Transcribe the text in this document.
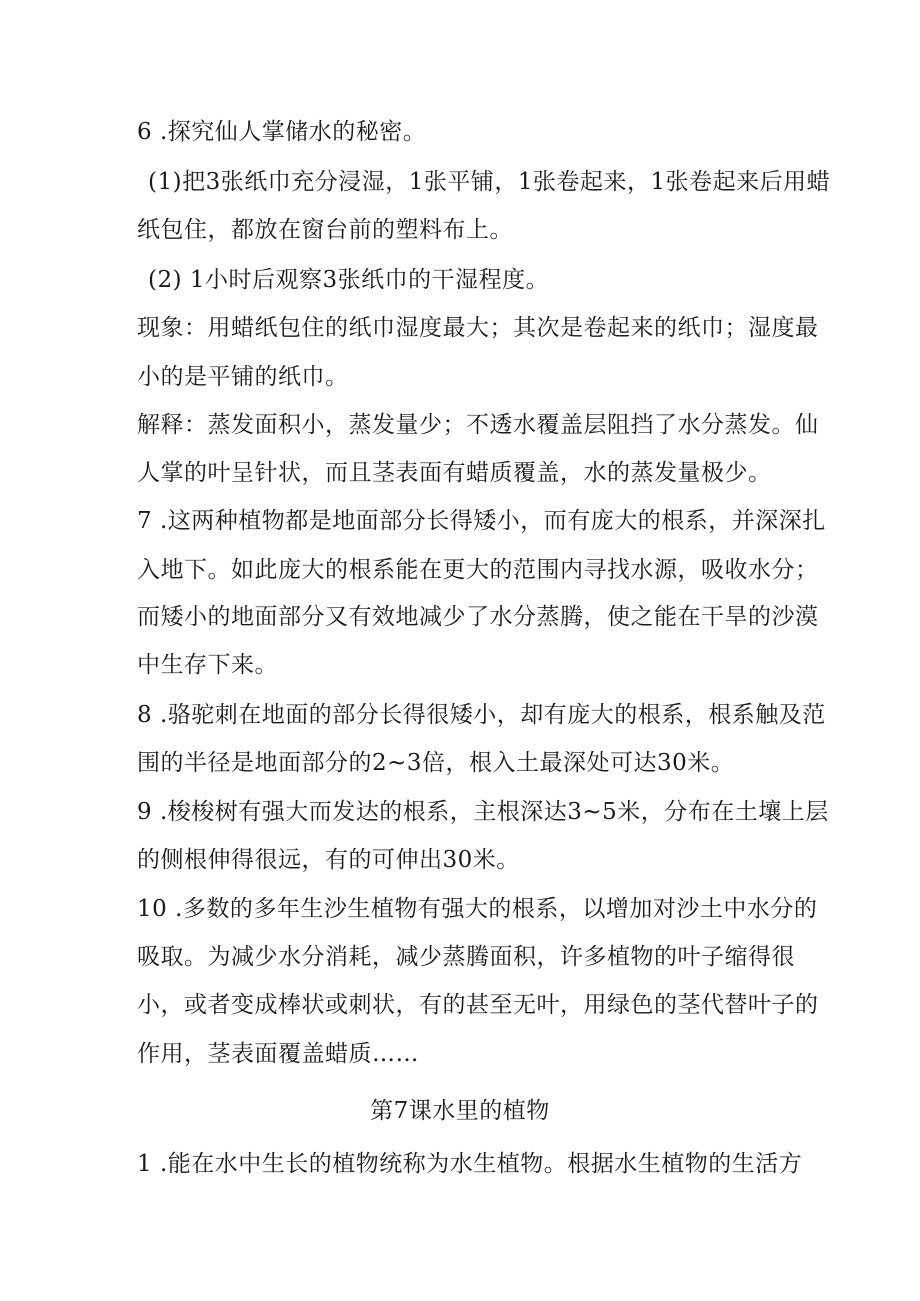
6 .探究仙人掌储水的秘密。
(1)把3张纸巾充分浸湿，1张平铺，1张卷起来，1张卷起来后用蜡
纸包住，都放在窗台前的塑料布上。
(2) 1小时后观察3张纸巾的干湿程度。
现象：用蜡纸包住的纸巾湿度最大；其次是卷起来的纸巾；湿度最
小的是平铺的纸巾。
解释：蒸发面积小，蒸发量少；不透水覆盖层阻挡了水分蒸发。仙
人掌的叶呈针状，而且茎表面有蜡质覆盖，水的蒸发量极少。
7 .这两种植物都是地面部分长得矮小，而有庞大的根系，并深深扎
入地下。如此庞大的根系能在更大的范围内寻找水源，吸收水分；
而矮小的地面部分又有效地减少了水分蒸腾，使之能在干旱的沙漠
中生存下来。
8 .骆驼刺在地面的部分长得很矮小，却有庞大的根系，根系触及范
围的半径是地面部分的2~3倍，根入土最深处可达30米。
9 .梭梭树有强大而发达的根系，主根深达3~5米，分布在土壤上层
的侧根伸得很远，有的可伸出30米。
10 .多数的多年生沙生植物有强大的根系，以增加对沙土中水分的
吸取。为减少水分消耗，减少蒸腾面积，许多植物的叶子缩得很
小，或者变成棒状或刺状，有的甚至无叶，用绿色的茎代替叶子的
作用，茎表面覆盖蜡质……
第7课水里的植物
1 .能在水中生长的植物统称为水生植物。根据水生植物的生活方
